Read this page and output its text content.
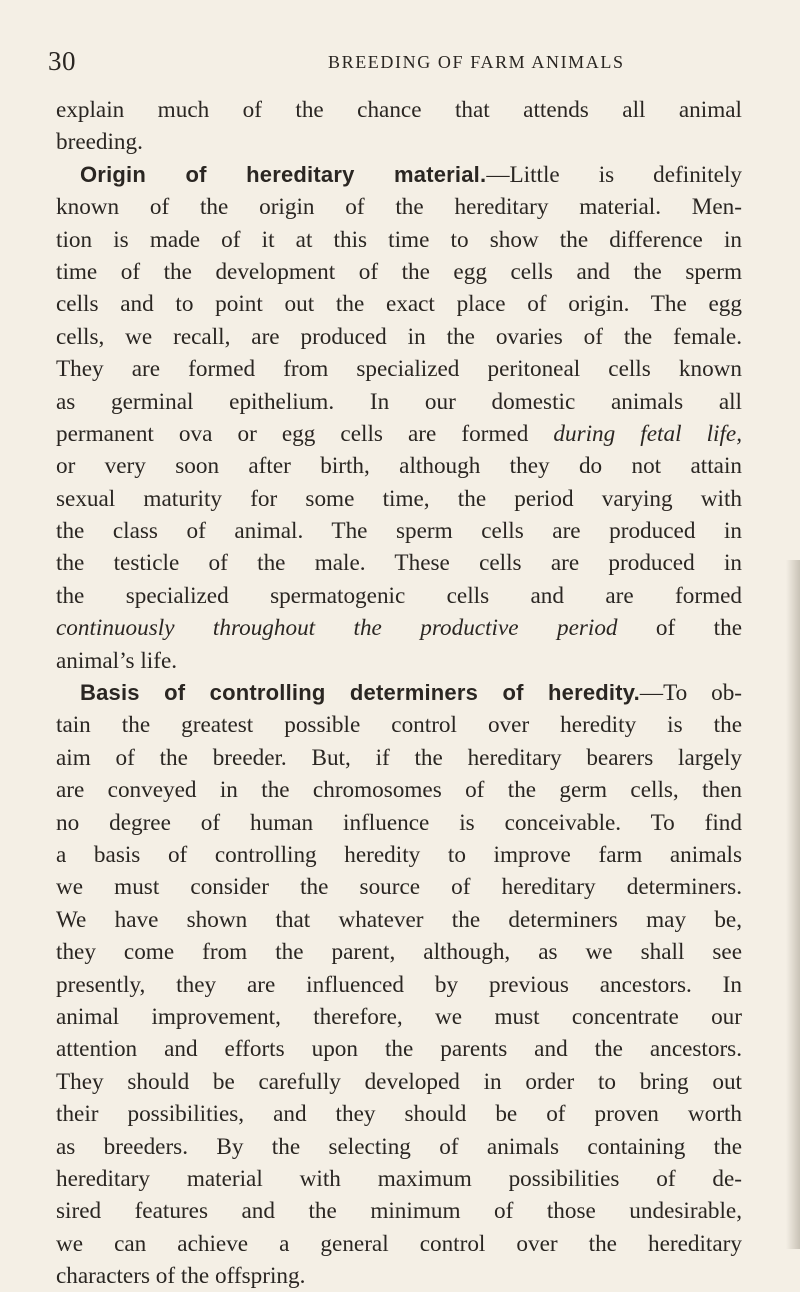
30	BREEDING OF FARM ANIMALS
explain much of the chance that attends all animal
breeding.
Origin of hereditary material.—Little is definitely
known of the origin of the hereditary material. Men-
tion is made of it at this time to show the difference in
time of the development of the egg cells and the sperm
cells and to point out the exact place of origin. The egg
cells, we recall, are produced in the ovaries of the female.
They are formed from specialized peritoneal cells known
as germinal epithelium. In our domestic animals all
permanent ova or egg cells are formed during fetal life,
or very soon after birth, although they do not attain
sexual maturity for some time, the period varying with
the class of animal. The sperm cells are produced in
the testicle of the male. These cells are produced in
the specialized spermatogenic cells and are formed
continuously throughout the productive period of the
animal’s life.
Basis of controlling determiners of heredity.—To ob-
tain the greatest possible control over heredity is the
aim of the breeder. But, if the hereditary bearers largely
are conveyed in the chromosomes of the germ cells, then
no degree of human influence is conceivable. To find
a basis of controlling heredity to improve farm animals
we must consider the source of hereditary determiners.
We have shown that whatever the determiners may be,
they come from the parent, although, as we shall see
presently, they are influenced by previous ancestors. In
animal improvement, therefore, we must concentrate our
attention and efforts upon the parents and the ancestors.
They should be carefully developed in order to bring out
their possibilities, and they should be of proven worth
as breeders. By the selecting of animals containing the
hereditary material with maximum possibilities of de-
sired features and the minimum of those undesirable,
we can achieve a general control over the hereditary
characters of the offspring.
